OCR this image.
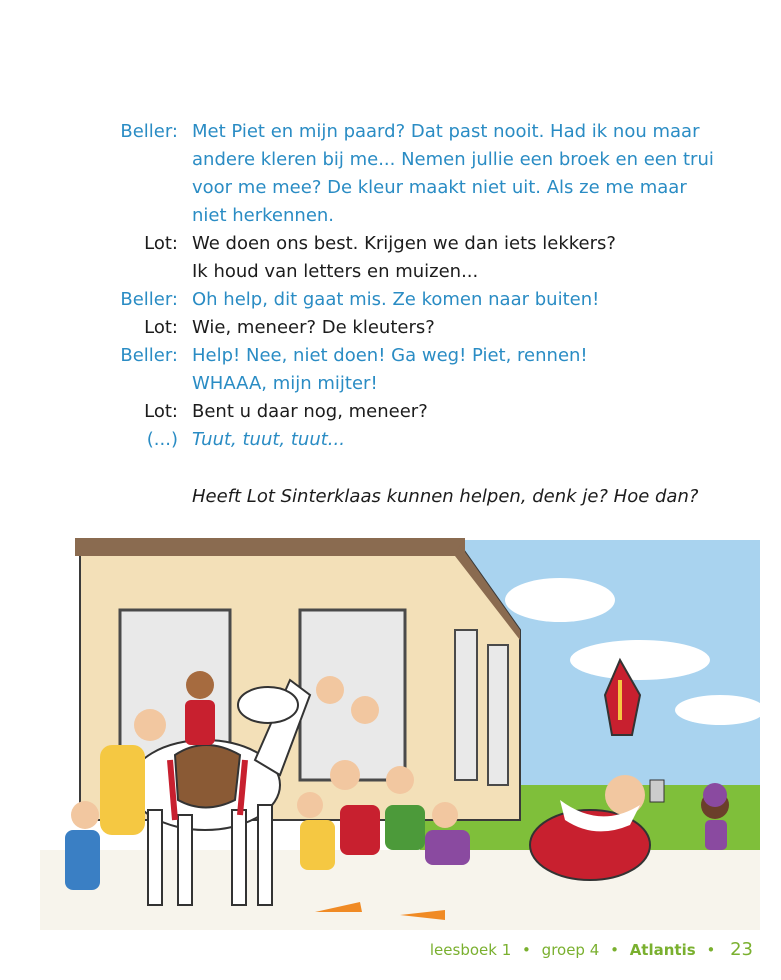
Beller: Met Piet en mijn paard? Dat past nooit. Had ik nou maar
andere kleren bij me... Nemen jullie een broek en een trui
voor me mee? De kleur maakt niet uit. Als ze me maar
niet herkennen.
Lot: We doen ons best. Krijgen we dan iets lekkers?
Ik houd van letters en muizen...
Beller: Oh help, dit gaat mis. Ze komen naar buiten!
Lot: Wie, meneer? De kleuters?
Beller: Help! Nee, niet doen! Ga weg! Piet, rennen!
WHAAA, mijn mijter!
Lot: Bent u daar nog, meneer?
(...) Tuut, tuut, tuut...
Heeft Lot Sinterklaas kunnen helpen, denk je? Hoe dan?
leesboek 1 • groep 4 • Atlantis • 23
